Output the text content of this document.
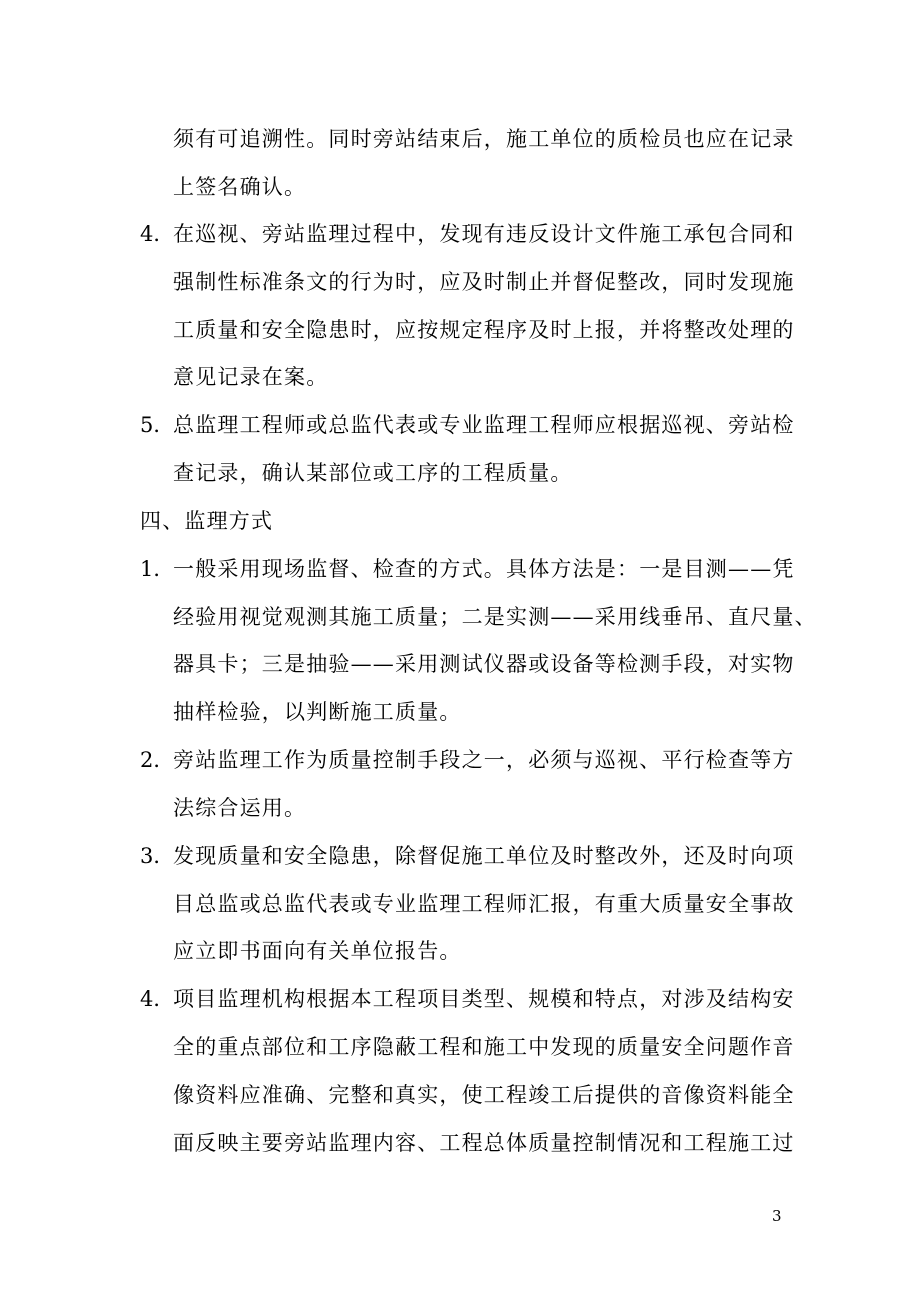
须有可追溯性。同时旁站结束后，施工单位的质检员也应在记录
上签名确认。
4．
在巡视、旁站监理过程中，发现有违反设计文件施工承包合同和
强制性标准条文的行为时，应及时制止并督促整改，同时发现施
工质量和安全隐患时，应按规定程序及时上报，并将整改处理的
意见记录在案。
5．
总监理工程师或总监代表或专业监理工程师应根据巡视、旁站检
查记录，确认某部位或工序的工程质量。
四、监理方式
1．
一般采用现场监督、检查的方式。具体方法是：一是目测——凭
经验用视觉观测其施工质量；二是实测——采用线垂吊、直尺量、
器具卡；三是抽验——采用测试仪器或设备等检测手段，对实物
抽样检验，以判断施工质量。
2．
旁站监理工作为质量控制手段之一，必须与巡视、平行检查等方
法综合运用。
3．
发现质量和安全隐患，除督促施工单位及时整改外，还及时向项
目总监或总监代表或专业监理工程师汇报，有重大质量安全事故
应立即书面向有关单位报告。
4．
项目监理机构根据本工程项目类型、规模和特点，对涉及结构安
全的重点部位和工序隐蔽工程和施工中发现的质量安全问题作音
像资料应准确、完整和真实，使工程竣工后提供的音像资料能全
面反映主要旁站监理内容、工程总体质量控制情况和工程施工过
3
